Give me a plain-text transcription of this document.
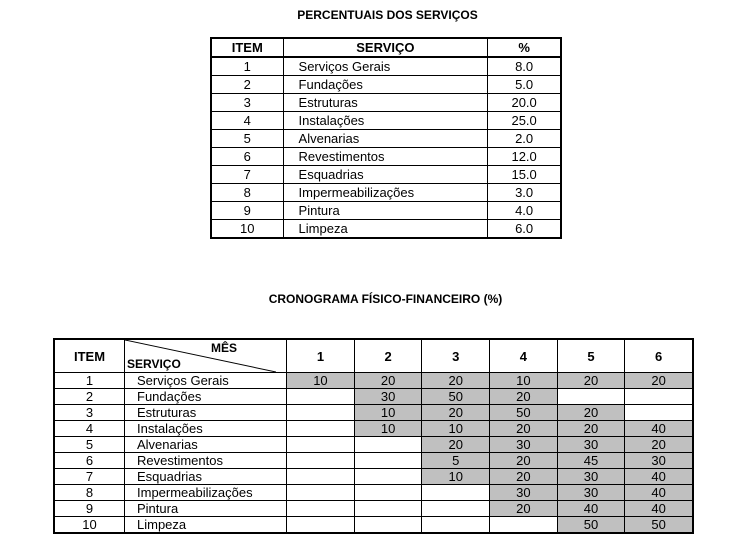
PERCENTUAIS DOS SERVIÇOS
ITEM	SERVIÇO	%
1	Serviços Gerais	8.0
2	Fundações	5.0
3	Estruturas	20.0
4	Instalações	25.0
5	Alvenarias	2.0
6	Revestimentos	12.0
7	Esquadrias	15.0
8	Impermeabilizações	3.0
9	Pintura	4.0
10	Limpeza	6.0
CRONOGRAMA FÍSICO-FINANCEIRO (%)
ITEM	MÊS
SERVIÇO	1	2	3	4	5	6
1	Serviços Gerais	10	20	20	10	20	20
2	Fundações		30	50	20		
3	Estruturas		10	20	50	20	
4	Instalações		10	10	20	20	40
5	Alvenarias			20	30	30	20
6	Revestimentos			5	20	45	30
7	Esquadrias			10	20	30	40
8	Impermeabilizações				30	30	40
9	Pintura				20	40	40
10	Limpeza					50	50
